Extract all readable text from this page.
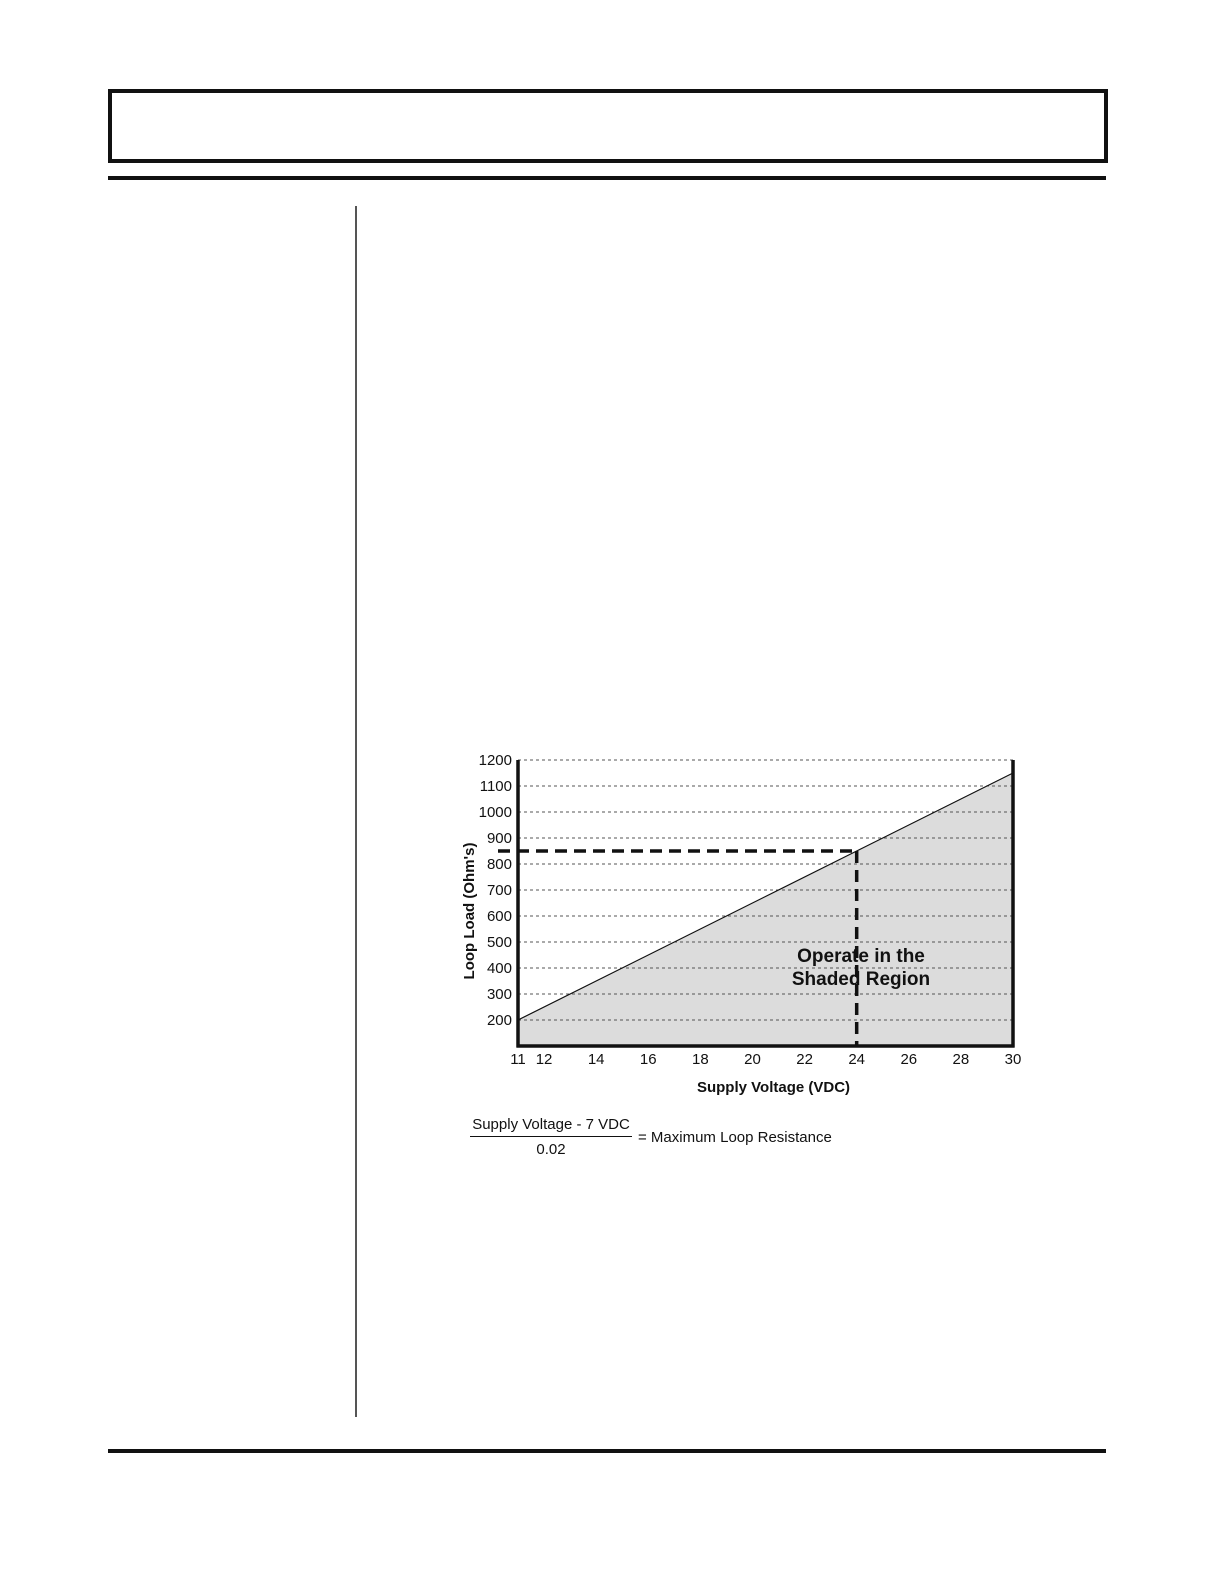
200
300
400
500
600
700
800
900
1000
1100
1200
11 12 14 16 18 20 22 24 26 28 30
Supply Voltage (VDC)
Loop Load (Ohm's)	Operate in the
Shaded Region
Supply Voltage - 7 VDC
0.02
= Maximum Loop Resistance
